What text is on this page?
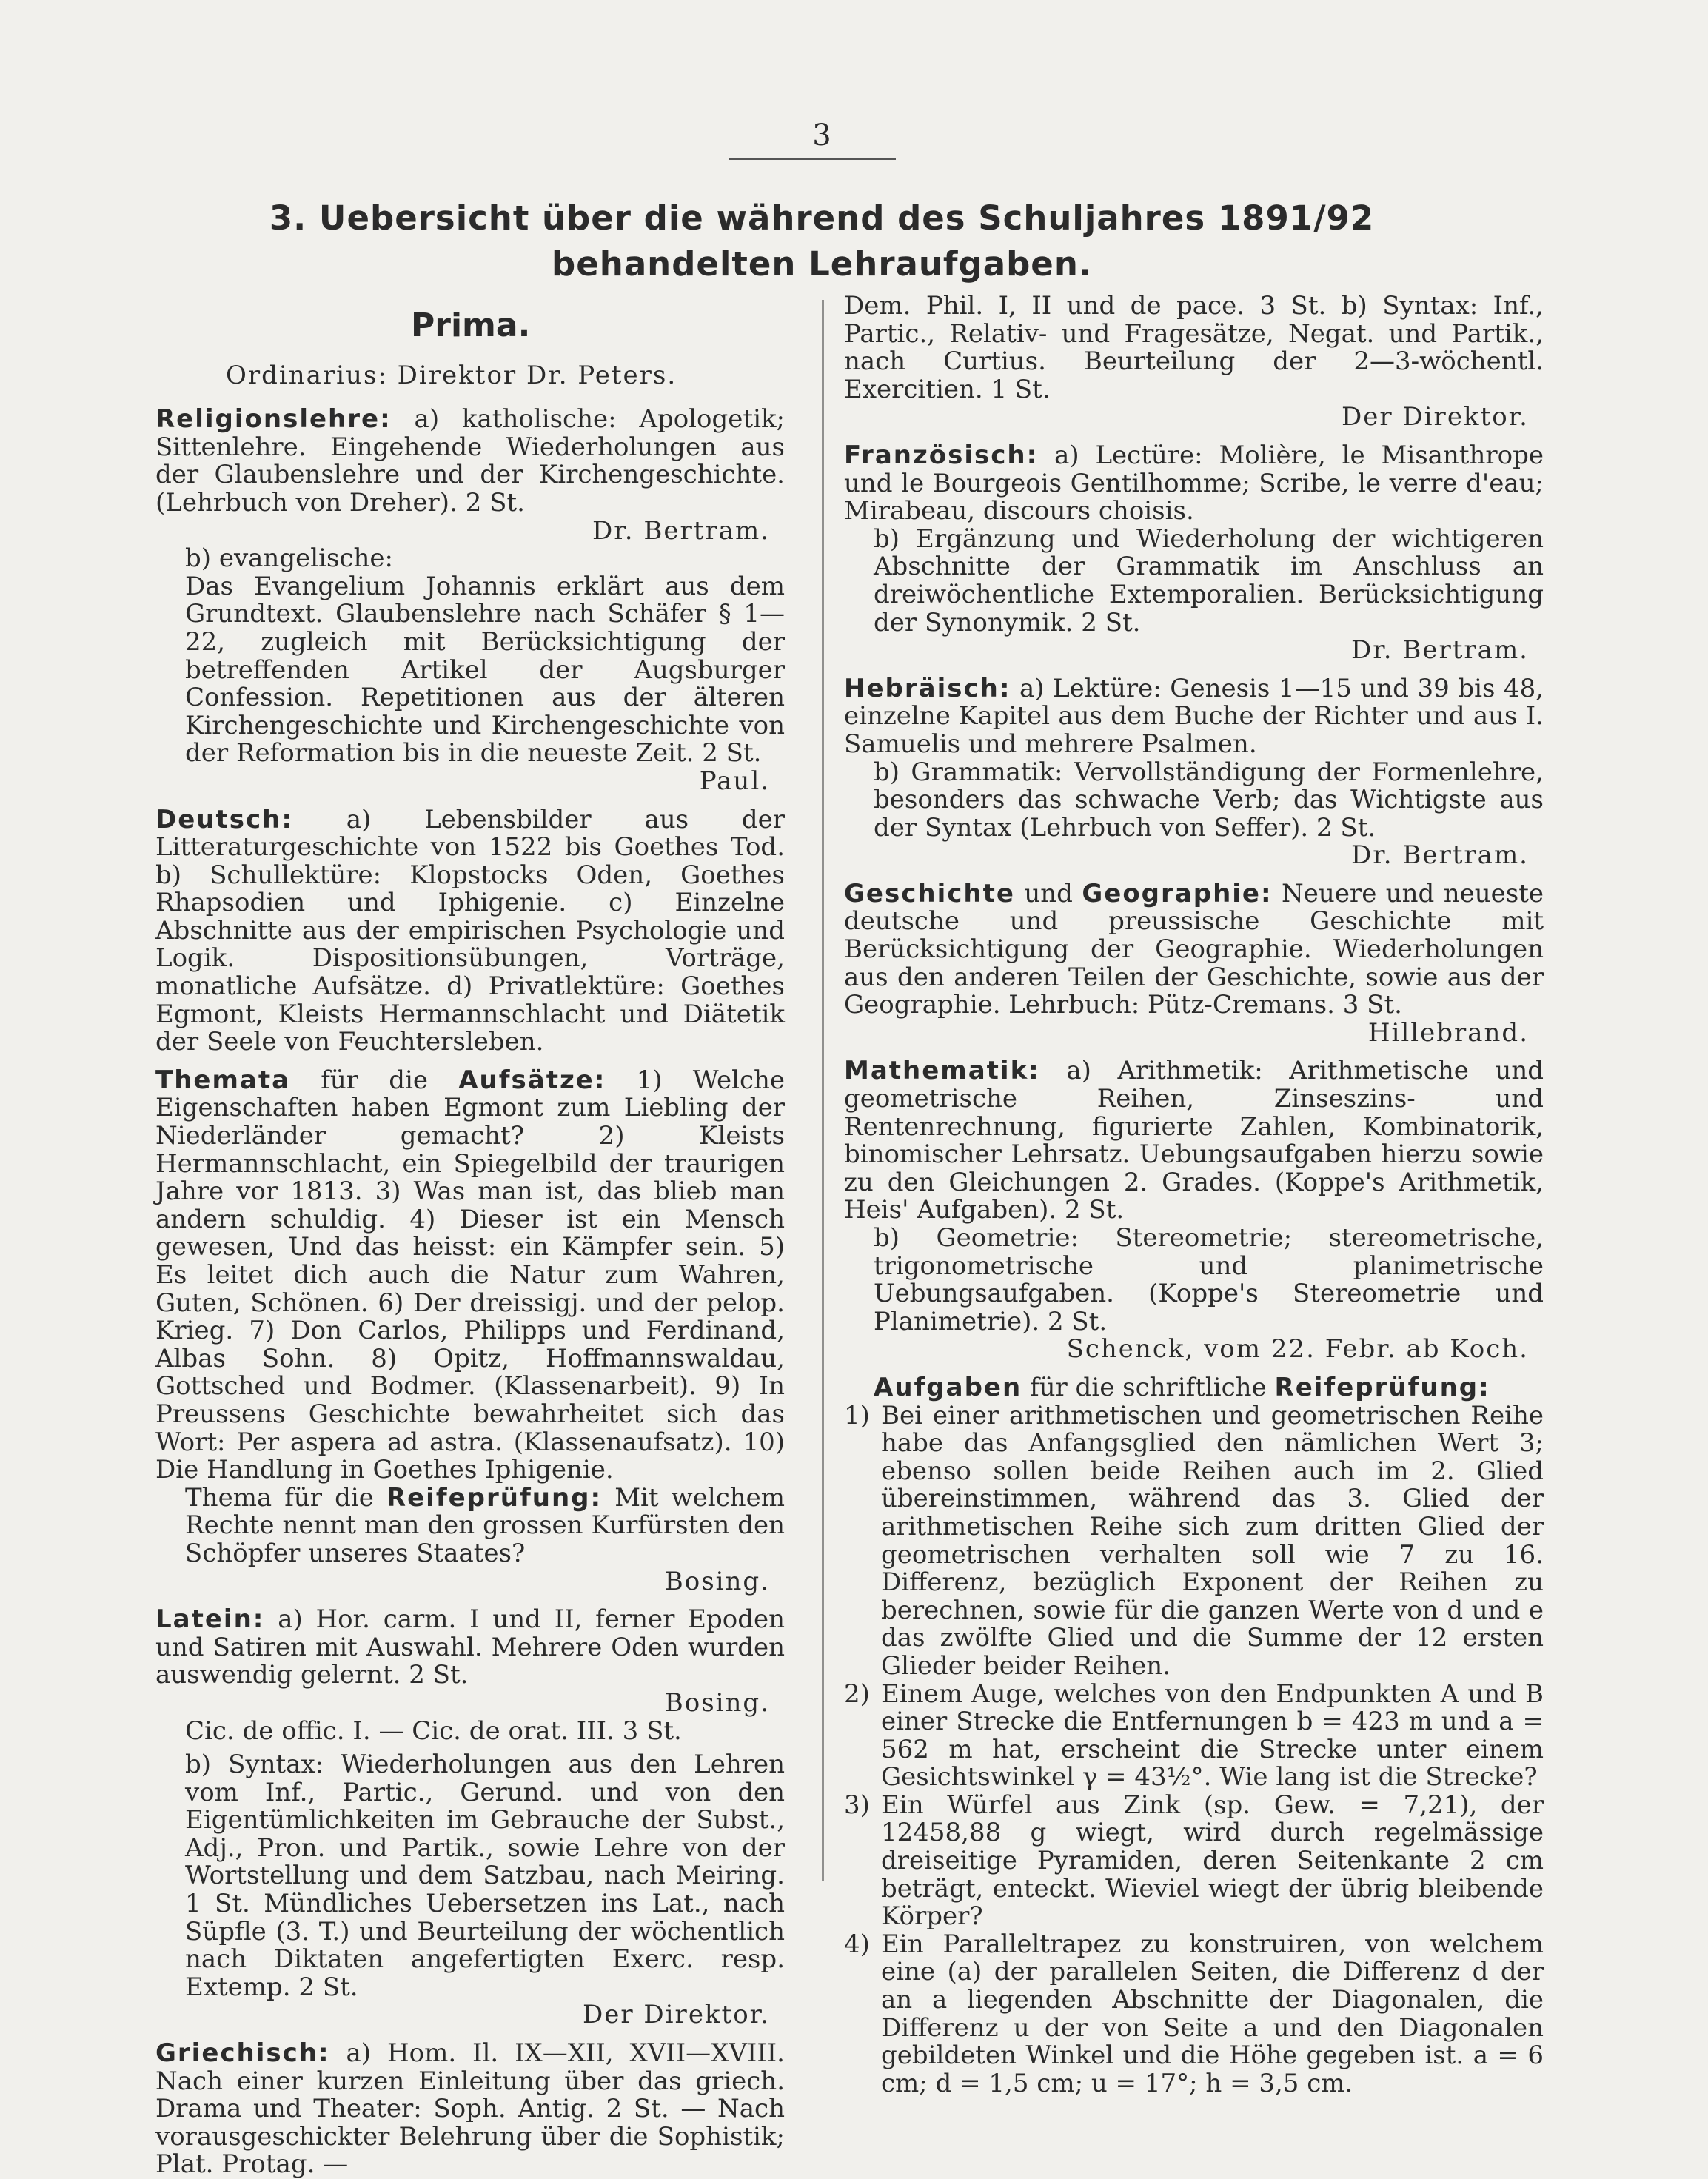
3
3. Uebersicht über die während des Schuljahres 1891/92
behandelten Lehraufgaben.
Prima.

Ordinarius: Direktor Dr. Peters.

Religionslehre: a) katholische: Apologetik; Sittenlehre. Eingehende Wiederholungen aus der Glaubenslehre und der Kirchengeschichte. (Lehrbuch von Dreher). 2 St.

Dr. Bertram.

b) evangelische:

Das Evangelium Johannis erklärt aus dem Grundtext. Glaubenslehre nach Schäfer § 1—22, zugleich mit Berücksichtigung der betreffenden Artikel der Augsburger Confession. Repetitionen aus der älteren Kirchengeschichte und Kirchengeschichte von der Reformation bis in die neueste Zeit. 2 St.

Paul.

Deutsch: a) Lebensbilder aus der Litteraturgeschichte von 1522 bis Goethes Tod. b) Schullektüre: Klopstocks Oden, Goethes Rhapsodien und Iphigenie. c) Einzelne Abschnitte aus der empirischen Psychologie und Logik. Dispositionsübungen, Vorträge, monatliche Aufsätze. d) Privatlektüre: Goethes Egmont, Kleists Hermannschlacht und Diätetik der Seele von Feuchtersleben.

Themata für die Aufsätze: 1) Welche Eigenschaften haben Egmont zum Liebling der Niederländer gemacht? 2) Kleists Hermannschlacht, ein Spiegelbild der traurigen Jahre vor 1813. 3) Was man ist, das blieb man andern schuldig. 4) Dieser ist ein Mensch gewesen, Und das heisst: ein Kämpfer sein. 5) Es leitet dich auch die Natur zum Wahren, Guten, Schönen. 6) Der dreissigj. und der pelop. Krieg. 7) Don Carlos, Philipps und Ferdinand, Albas Sohn. 8) Opitz, Hoffmannswaldau, Gottsched und Bodmer. (Klassenarbeit). 9) In Preussens Geschichte bewahrheitet sich das Wort: Per aspera ad astra. (Klassenaufsatz). 10) Die Handlung in Goethes Iphigenie.

Thema für die Reifeprüfung: Mit welchem Rechte nennt man den grossen Kurfürsten den Schöpfer unseres Staates?

Bosing.

Latein: a) Hor. carm. I und II, ferner Epoden und Satiren mit Auswahl. Mehrere Oden wurden auswendig gelernt. 2 St.

Bosing.

Cic. de offic. I. — Cic. de orat. III. 3 St.

b) Syntax: Wiederholungen aus den Lehren vom Inf., Partic., Gerund. und von den Eigentümlichkeiten im Gebrauche der Subst., Adj., Pron. und Partik., sowie Lehre von der Wortstellung und dem Satzbau, nach Meiring. 1 St. Mündliches Uebersetzen ins Lat., nach Süpfle (3. T.) und Beurteilung der wöchentlich nach Diktaten angefertigten Exerc. resp. Extemp. 2 St.

Der Direktor.

Griechisch: a) Hom. Il. IX—XII, XVII—XVIII. Nach einer kurzen Einleitung über das griech. Drama und Theater: Soph. Antig. 2 St. — Nach vorausgeschickter Belehrung über die Sophistik; Plat. Protag. —

Dem. Phil. I, II und de pace. 3 St. b) Syntax: Inf., Partic., Relativ- und Fragesätze, Negat. und Partik., nach Curtius. Beurteilung der 2—3-wöchentl. Exercitien. 1 St.

Der Direktor.

Französisch: a) Lectüre: Molière, le Misanthrope und le Bourgeois Gentilhomme; Scribe, le verre d'eau; Mirabeau, discours choisis.

b) Ergänzung und Wiederholung der wichtigeren Abschnitte der Grammatik im Anschluss an dreiwöchentliche Extemporalien. Berücksichtigung der Synonymik. 2 St.

Dr. Bertram.

Hebräisch: a) Lektüre: Genesis 1—15 und 39 bis 48, einzelne Kapitel aus dem Buche der Richter und aus I. Samuelis und mehrere Psalmen.

b) Grammatik: Vervollständigung der Formenlehre, besonders das schwache Verb; das Wichtigste aus der Syntax (Lehrbuch von Seffer). 2 St.

Dr. Bertram.

Geschichte und Geographie: Neuere und neueste deutsche und preussische Geschichte mit Berücksichtigung der Geographie. Wiederholungen aus den anderen Teilen der Geschichte, sowie aus der Geographie. Lehrbuch: Pütz-Cremans. 3 St.

Hillebrand.

Mathematik: a) Arithmetik: Arithmetische und geometrische Reihen, Zinseszins- und Rentenrechnung, figurierte Zahlen, Kombinatorik, binomischer Lehrsatz. Uebungsaufgaben hierzu sowie zu den Gleichungen 2. Grades. (Koppe's Arithmetik, Heis' Aufgaben). 2 St.

b) Geometrie: Stereometrie; stereometrische, trigonometrische und planimetrische Uebungsaufgaben. (Koppe's Stereometrie und Planimetrie). 2 St.

Schenck, vom 22. Febr. ab Koch.

Aufgaben für die schriftliche Reifeprüfung:

1) Bei einer arithmetischen und geometrischen Reihe habe das Anfangsglied den nämlichen Wert 3; ebenso sollen beide Reihen auch im 2. Glied übereinstimmen, während das 3. Glied der arithmetischen Reihe sich zum dritten Glied der geometrischen verhalten soll wie 7 zu 16. Differenz, bezüglich Exponent der Reihen zu berechnen, sowie für die ganzen Werte von d und e das zwölfte Glied und die Summe der 12 ersten Glieder beider Reihen.
2) Einem Auge, welches von den Endpunkten A und B einer Strecke die Entfernungen b = 423 m und a = 562 m hat, erscheint die Strecke unter einem Gesichtswinkel γ = 43½°. Wie lang ist die Strecke?
3) Ein Würfel aus Zink (sp. Gew. = 7,21), der 12458,88 g wiegt, wird durch regelmässige dreiseitige Pyramiden, deren Seitenkante 2 cm beträgt, enteckt. Wieviel wiegt der übrig bleibende Körper?
4) Ein Paralleltrapez zu konstruiren, von welchem eine (a) der parallelen Seiten, die Differenz d der an a liegenden Abschnitte der Diagonalen, die Differenz u der von Seite a und den Diagonalen gebildeten Winkel und die Höhe gegeben ist. a = 6 cm; d = 1,5 cm; u = 17°; h = 3,5 cm.
